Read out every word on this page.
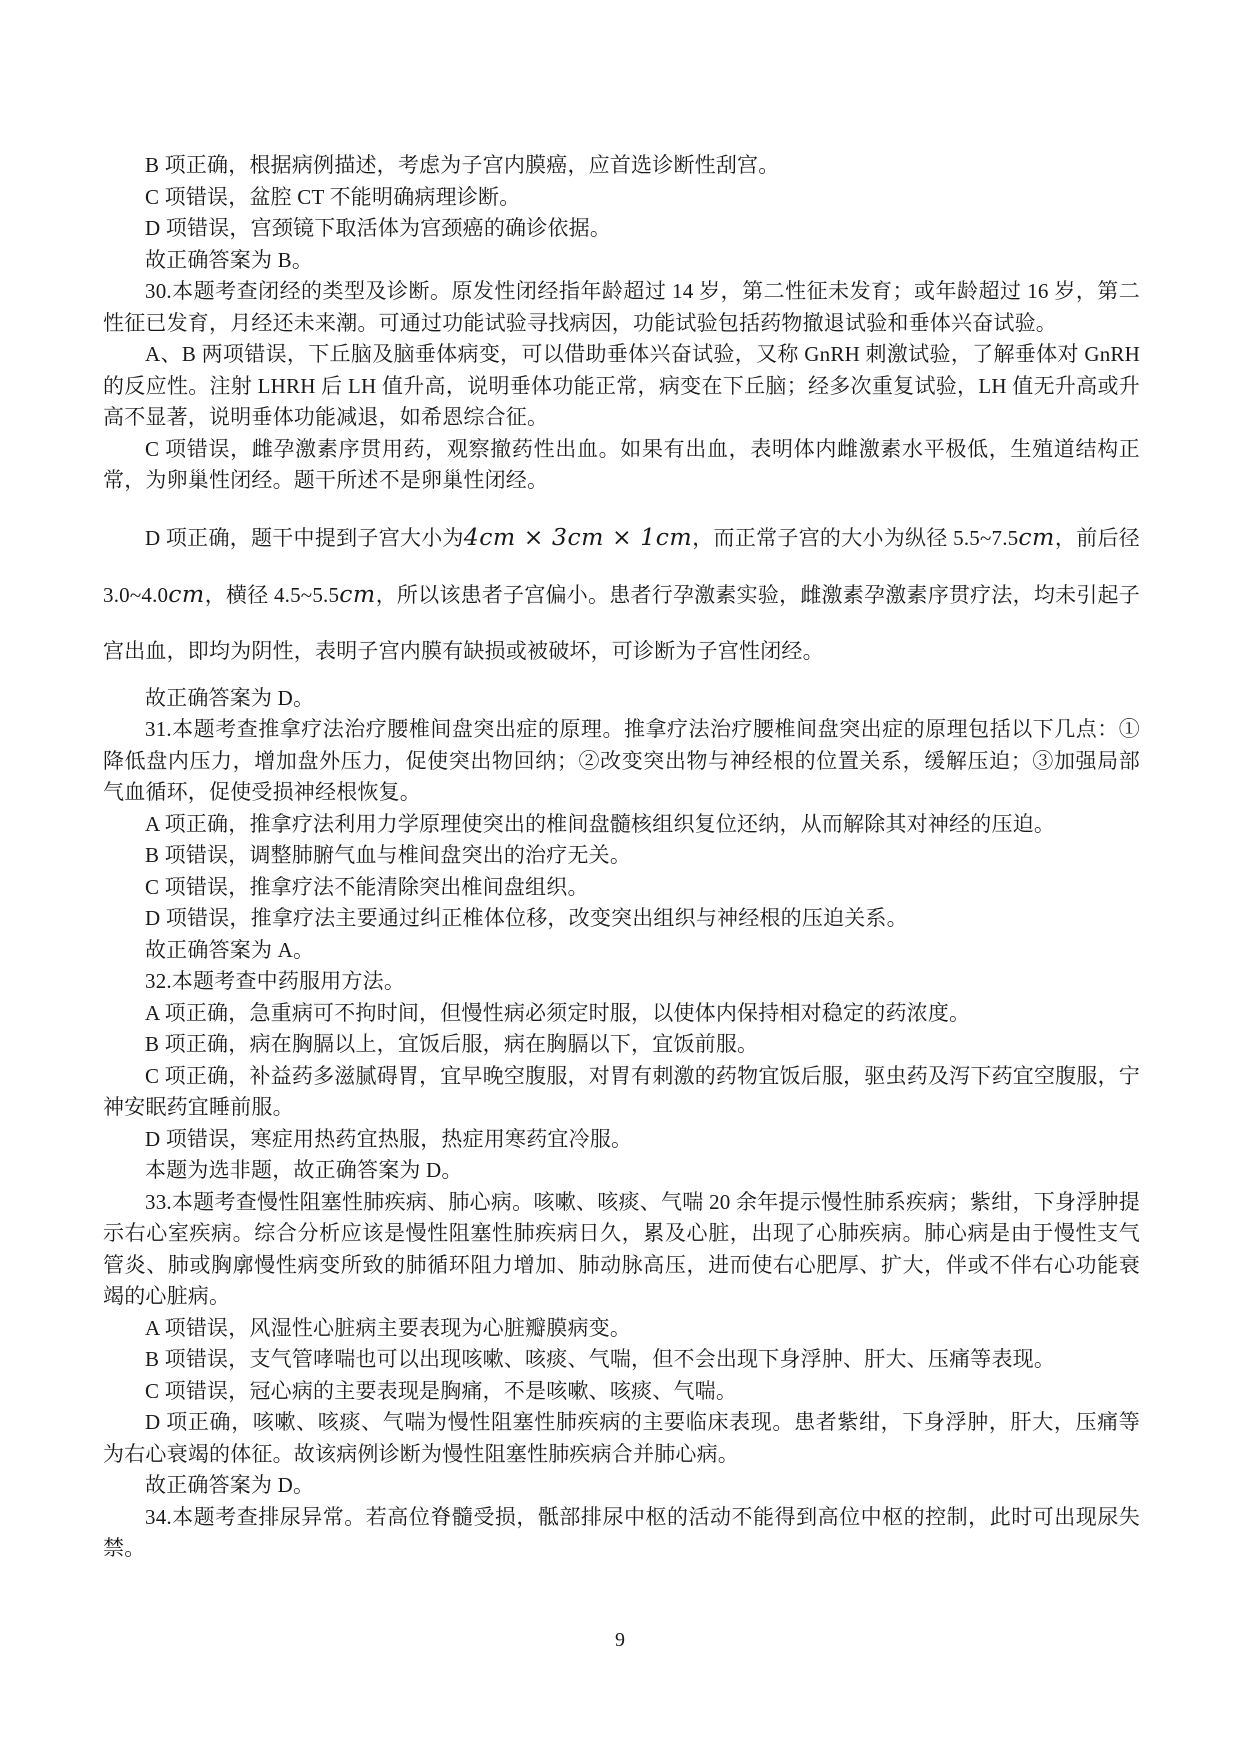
B 项正确，根据病例描述，考虑为子宫内膜癌，应首选诊断性刮宫。

C 项错误，盆腔 CT 不能明确病理诊断。

D 项错误，宫颈镜下取活体为宫颈癌的确诊依据。

故正确答案为 B。

30.本题考查闭经的类型及诊断。原发性闭经指年龄超过 14 岁，第二性征未发育；或年龄超过 16 岁，第二性征已发育，月经还未来潮。可通过功能试验寻找病因，功能试验包括药物撤退试验和垂体兴奋试验。

A、B 两项错误，下丘脑及脑垂体病变，可以借助垂体兴奋试验，又称 GnRH 刺激试验，了解垂体对 GnRH 的反应性。注射 LHRH 后 LH 值升高，说明垂体功能正常，病变在下丘脑；经多次重复试验，LH 值无升高或升高不显著，说明垂体功能减退，如希恩综合征。

C 项错误，雌孕激素序贯用药，观察撤药性出血。如果有出血，表明体内雌激素水平极低，生殖道结构正常，为卵巢性闭经。题干所述不是卵巢性闭经。

D 项正确，题干中提到子宫大小为4cm × 3cm × 1cm，而正常子宫的大小为纵径 5.5~7.5cm，前后径 3.0~4.0cm，横径 4.5~5.5cm，所以该患者子宫偏小。患者行孕激素实验，雌激素孕激素序贯疗法，均未引起子宫出血，即均为阴性，表明子宫内膜有缺损或被破坏，可诊断为子宫性闭经。

故正确答案为 D。

31.本题考查推拿疗法治疗腰椎间盘突出症的原理。推拿疗法治疗腰椎间盘突出症的原理包括以下几点：①降低盘内压力，增加盘外压力，促使突出物回纳；②改变突出物与神经根的位置关系，缓解压迫；③加强局部气血循环，促使受损神经根恢复。

A 项正确，推拿疗法利用力学原理使突出的椎间盘髓核组织复位还纳，从而解除其对神经的压迫。

B 项错误，调整肺腑气血与椎间盘突出的治疗无关。

C 项错误，推拿疗法不能清除突出椎间盘组织。

D 项错误，推拿疗法主要通过纠正椎体位移，改变突出组织与神经根的压迫关系。

故正确答案为 A。

32.本题考查中药服用方法。

A 项正确，急重病可不拘时间，但慢性病必须定时服，以使体内保持相对稳定的药浓度。

B 项正确，病在胸膈以上，宜饭后服，病在胸膈以下，宜饭前服。

C 项正确，补益药多滋腻碍胃，宜早晚空腹服，对胃有刺激的药物宜饭后服，驱虫药及泻下药宜空腹服，宁神安眠药宜睡前服。

D 项错误，寒症用热药宜热服，热症用寒药宜冷服。

本题为选非题，故正确答案为 D。

33.本题考查慢性阻塞性肺疾病、肺心病。咳嗽、咳痰、气喘 20 余年提示慢性肺系疾病；紫绀，下身浮肿提示右心室疾病。综合分析应该是慢性阻塞性肺疾病日久，累及心脏，出现了心肺疾病。肺心病是由于慢性支气管炎、肺或胸廓慢性病变所致的肺循环阻力增加、肺动脉高压，进而使右心肥厚、扩大，伴或不伴右心功能衰竭的心脏病。

A 项错误，风湿性心脏病主要表现为心脏瓣膜病变。

B 项错误，支气管哮喘也可以出现咳嗽、咳痰、气喘，但不会出现下身浮肿、肝大、压痛等表现。

C 项错误，冠心病的主要表现是胸痛，不是咳嗽、咳痰、气喘。

D 项正确，咳嗽、咳痰、气喘为慢性阻塞性肺疾病的主要临床表现。患者紫绀，下身浮肿，肝大，压痛等为右心衰竭的体征。故该病例诊断为慢性阻塞性肺疾病合并肺心病。

故正确答案为 D。

34.本题考查排尿异常。若高位脊髓受损，骶部排尿中枢的活动不能得到高位中枢的控制，此时可出现尿失禁。

9
